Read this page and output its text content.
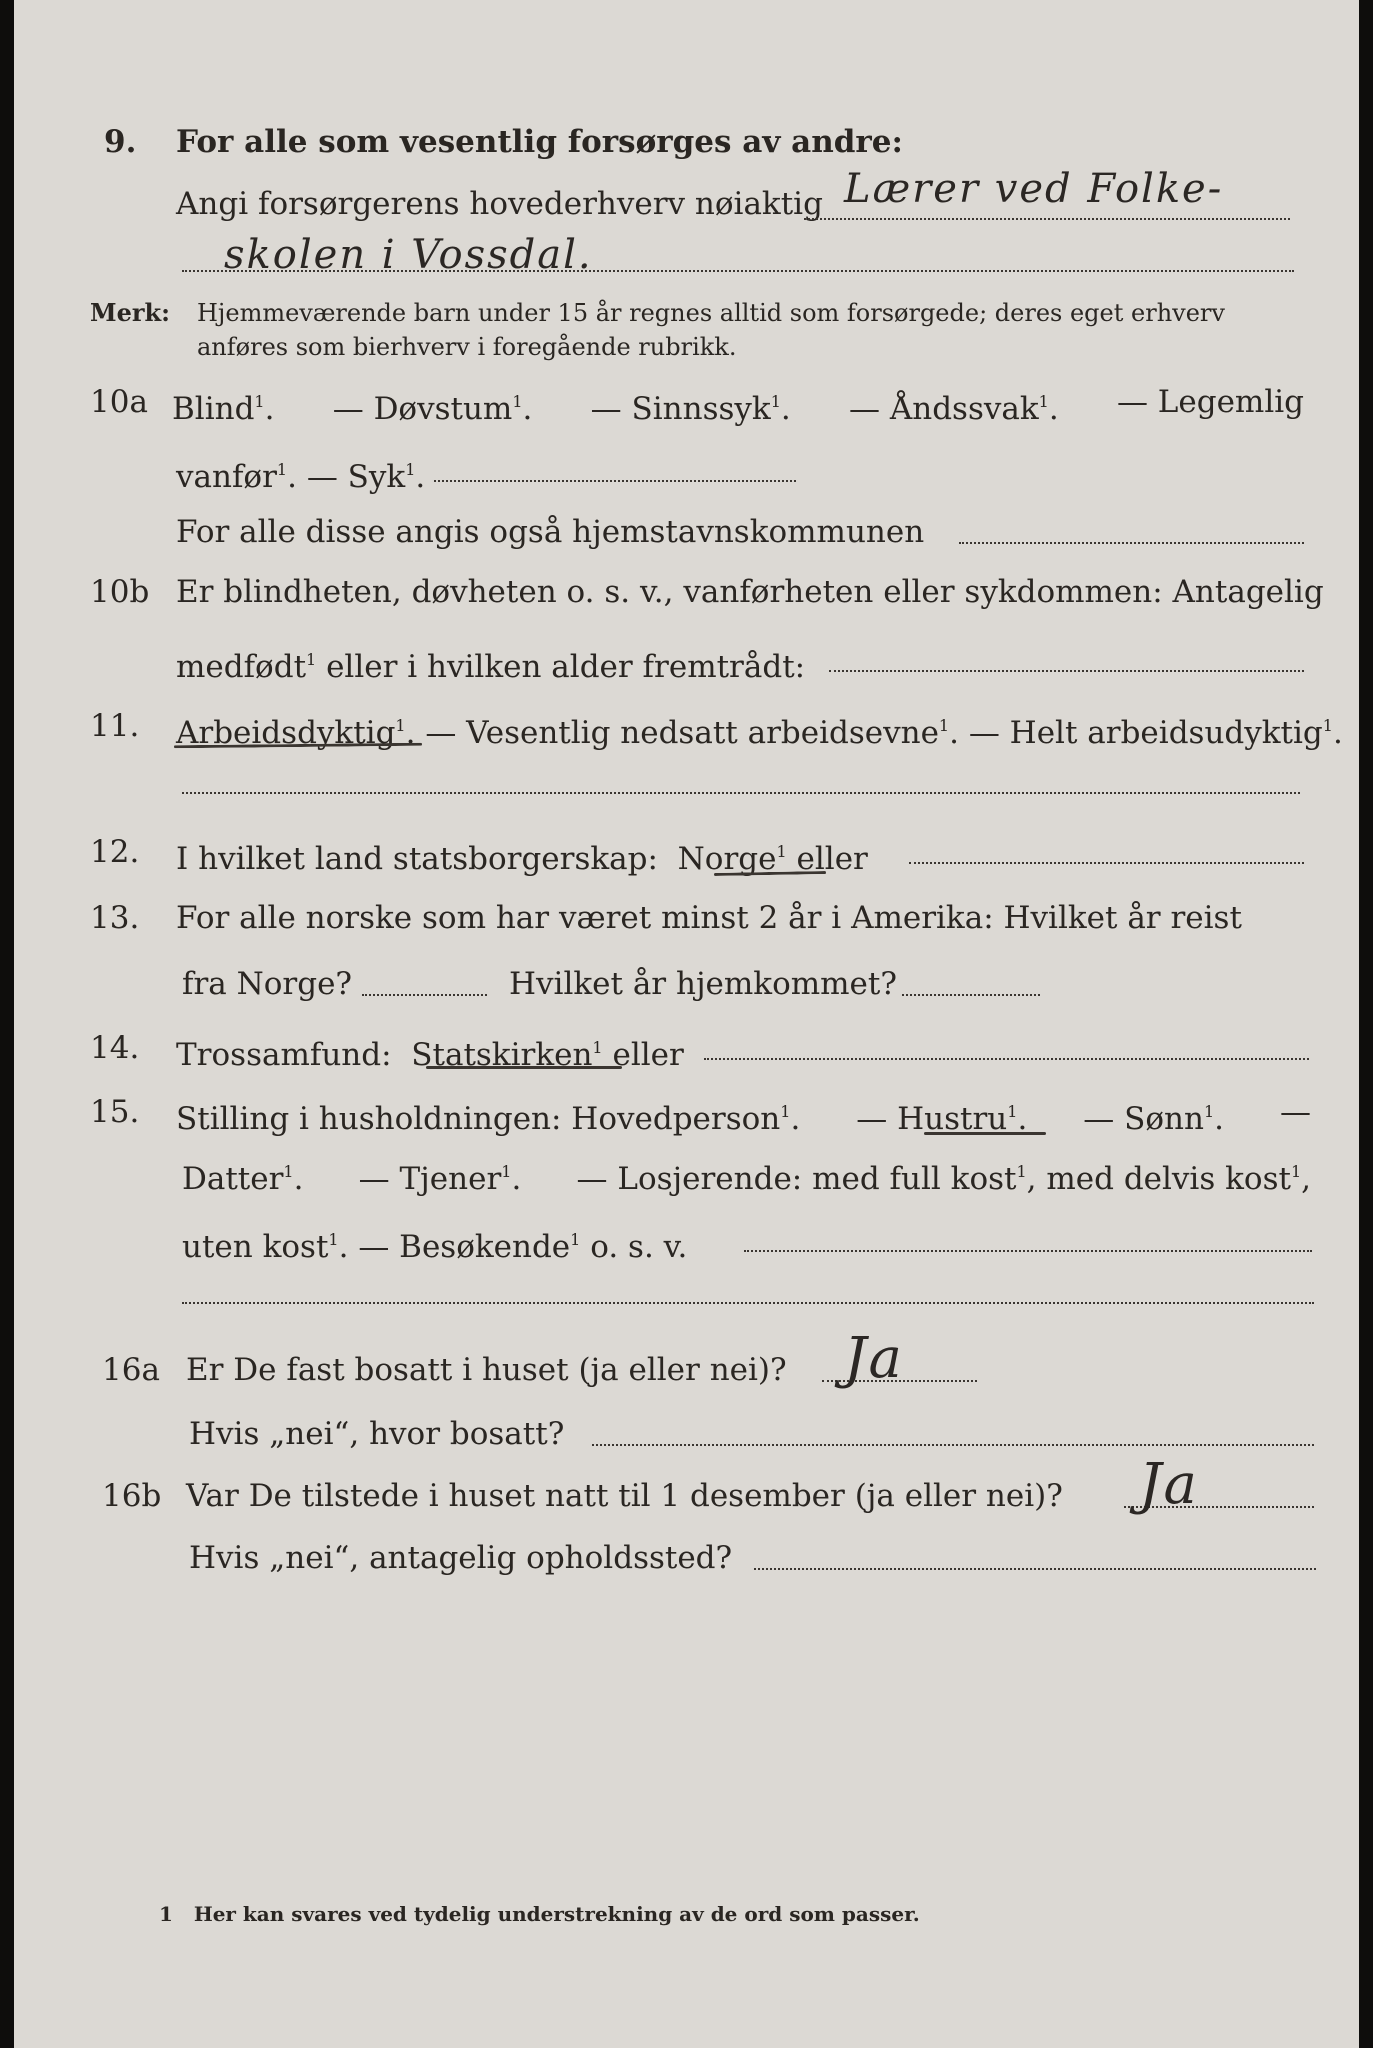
9. For alle som vesentlig forsørges av andre:
Angi forsørgerens hovederhverv nøiaktig Lærer ved Folke-
skolen i Vossdal.
Merk: Hjemmeværende barn under 15 år regnes alltid som forsørgede; deres eget erhverv
anføres som bierhverv i foregående rubrikk.
10a Blind$^1$. — Døvstum$^1$. — Sinnssyk$^1$. — Åndssvak$^1$. — Legemlig
vanfør$^1$. — Syk$^1$.
For alle disse angis også hjemstavnskommunen
10b Er blindheten, døvheten o. s. v., vanførheten eller sykdommen: Antagelig
medfødt$^1$ eller i hvilken alder fremtrådt:
11. Arbeidsdyktig$^1$. — Vesentlig nedsatt arbeidsevne$^1$. — Helt arbeidsudyktig$^1$.
12. I hvilket land statsborgerskap: Norge$^1$ eller
13. For alle norske som har været minst 2 år i Amerika: Hvilket år reist
fra Norge?	Hvilket år hjemkommet?
14. Trossamfund: Statskirken$^1$ eller
15. Stilling i husholdningen: Hovedperson$^1$. — Hustru$^1$. — Sønn$^1$. —
Datter$^1$. — Tjener$^1$. — Losjerende: med full kost$^1$, med delvis kost$^1$,
uten kost$^1$. — Besøkende$^1$ o. s. v.
16a Er De fast bosatt i huset (ja eller nei)?	Ja
Hvis „nei“, hvor bosatt?
16b Var De tilstede i huset natt til 1 desember (ja eller nei)?	Ja
Hvis „nei“, antagelig opholdssted?
1 Her kan svares ved tydelig understrekning av de ord som passer.
